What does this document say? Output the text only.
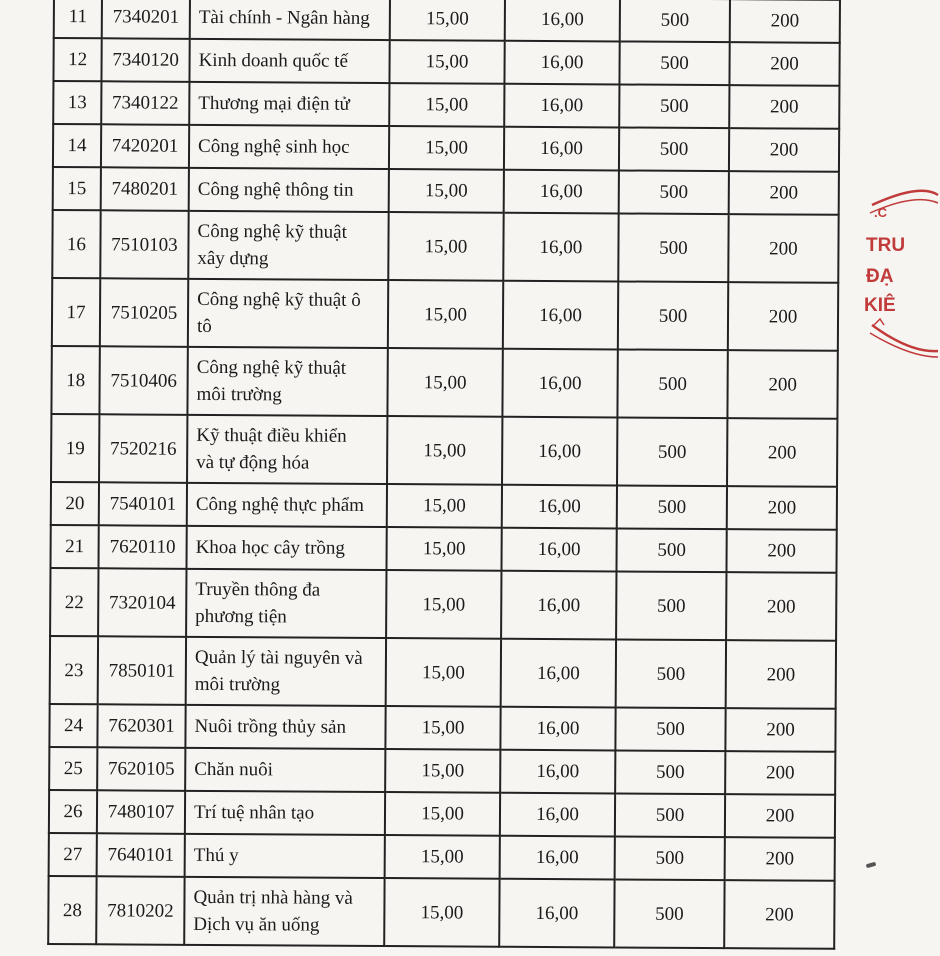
11	7340201	Tài chính - Ngân hàng	15,00	16,00	500	200
12	7340120	Kinh doanh quốc tế	15,00	16,00	500	200
13	7340122	Thương mại điện tử	15,00	16,00	500	200
14	7420201	Công nghệ sinh học	15,00	16,00	500	200
15	7480201	Công nghệ thông tin	15,00	16,00	500	200
16	7510103	Công nghệ kỹ thuật
xây dựng	15,00	16,00	500	200
17	7510205	Công nghệ kỹ thuật ô
tô	15,00	16,00	500	200
18	7510406	Công nghệ kỹ thuật
môi trường	15,00	16,00	500	200
19	7520216	Kỹ thuật điều khiển
và tự động hóa	15,00	16,00	500	200
20	7540101	Công nghệ thực phẩm	15,00	16,00	500	200
21	7620110	Khoa học cây trồng	15,00	16,00	500	200
22	7320104	Truyền thông đa
phương tiện	15,00	16,00	500	200
23	7850101	Quản lý tài nguyên và
môi trường	15,00	16,00	500	200
24	7620301	Nuôi trồng thủy sản	15,00	16,00	500	200
25	7620105	Chăn nuôi	15,00	16,00	500	200
26	7480107	Trí tuệ nhân tạo	15,00	16,00	500	200
27	7640101	Thú y	15,00	16,00	500	200
28	7810202	Quản trị nhà hàng và
Dịch vụ ăn uống	15,00	16,00	500	200
.C
TRU
ĐẠ
KIÊ
